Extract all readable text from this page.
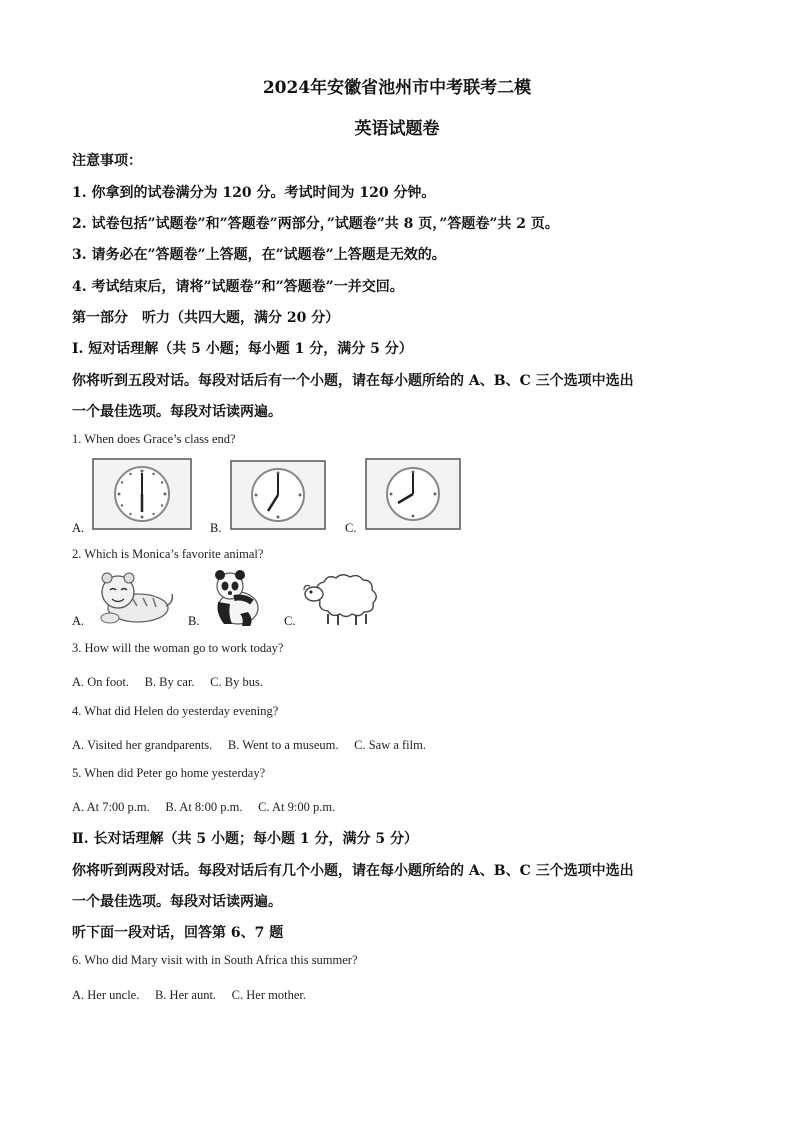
2024年安徽省池州市中考联考二模
英语试题卷
注意事项：
1. 你拿到的试卷满分为 120 分。考试时间为 120 分钟。
2. 试卷包括”试题卷”和”答题卷”两部分，”试题卷”共 8 页，”答题卷”共 2 页。
3. 请务必在”答题卷”上答题，在”试题卷”上答题是无效的。
4. 考试结束后，请将”试题卷”和”答题卷”一并交回。
第一部分　听力（共四大题，满分 20 分）
Ⅰ. 短对话理解（共 5 小题；每小题 1 分，满分 5 分）
你将听到五段对话。每段对话后有一个小题，请在每小题所给的 A、B、C 三个选项中选出
一个最佳选项。每段对话读两遍。
1. When does Grace’s class end?
A.	B.	C.
2. Which is Monica’s favorite animal?
A.	B.	C.
3. How will the woman go to work today?
A. On foot.　 B. By car.　 C. By bus.
4. What did Helen do yesterday evening?
A. Visited her grandparents.　 B. Went to a museum.　 C. Saw a film.
5. When did Peter go home yesterday?
A. At 7:00 p.m.　 B. At 8:00 p.m.　 C. At 9:00 p.m.
Ⅱ. 长对话理解（共 5 小题；每小题 1 分，满分 5 分）
你将听到两段对话。每段对话后有几个小题，请在每小题所给的 A、B、C 三个选项中选出
一个最佳选项。每段对话读两遍。
听下面一段对话，回答第 6、7 题
6. Who did Mary visit with in South Africa this summer?
A. Her uncle.　 B. Her aunt.　 C. Her mother.
